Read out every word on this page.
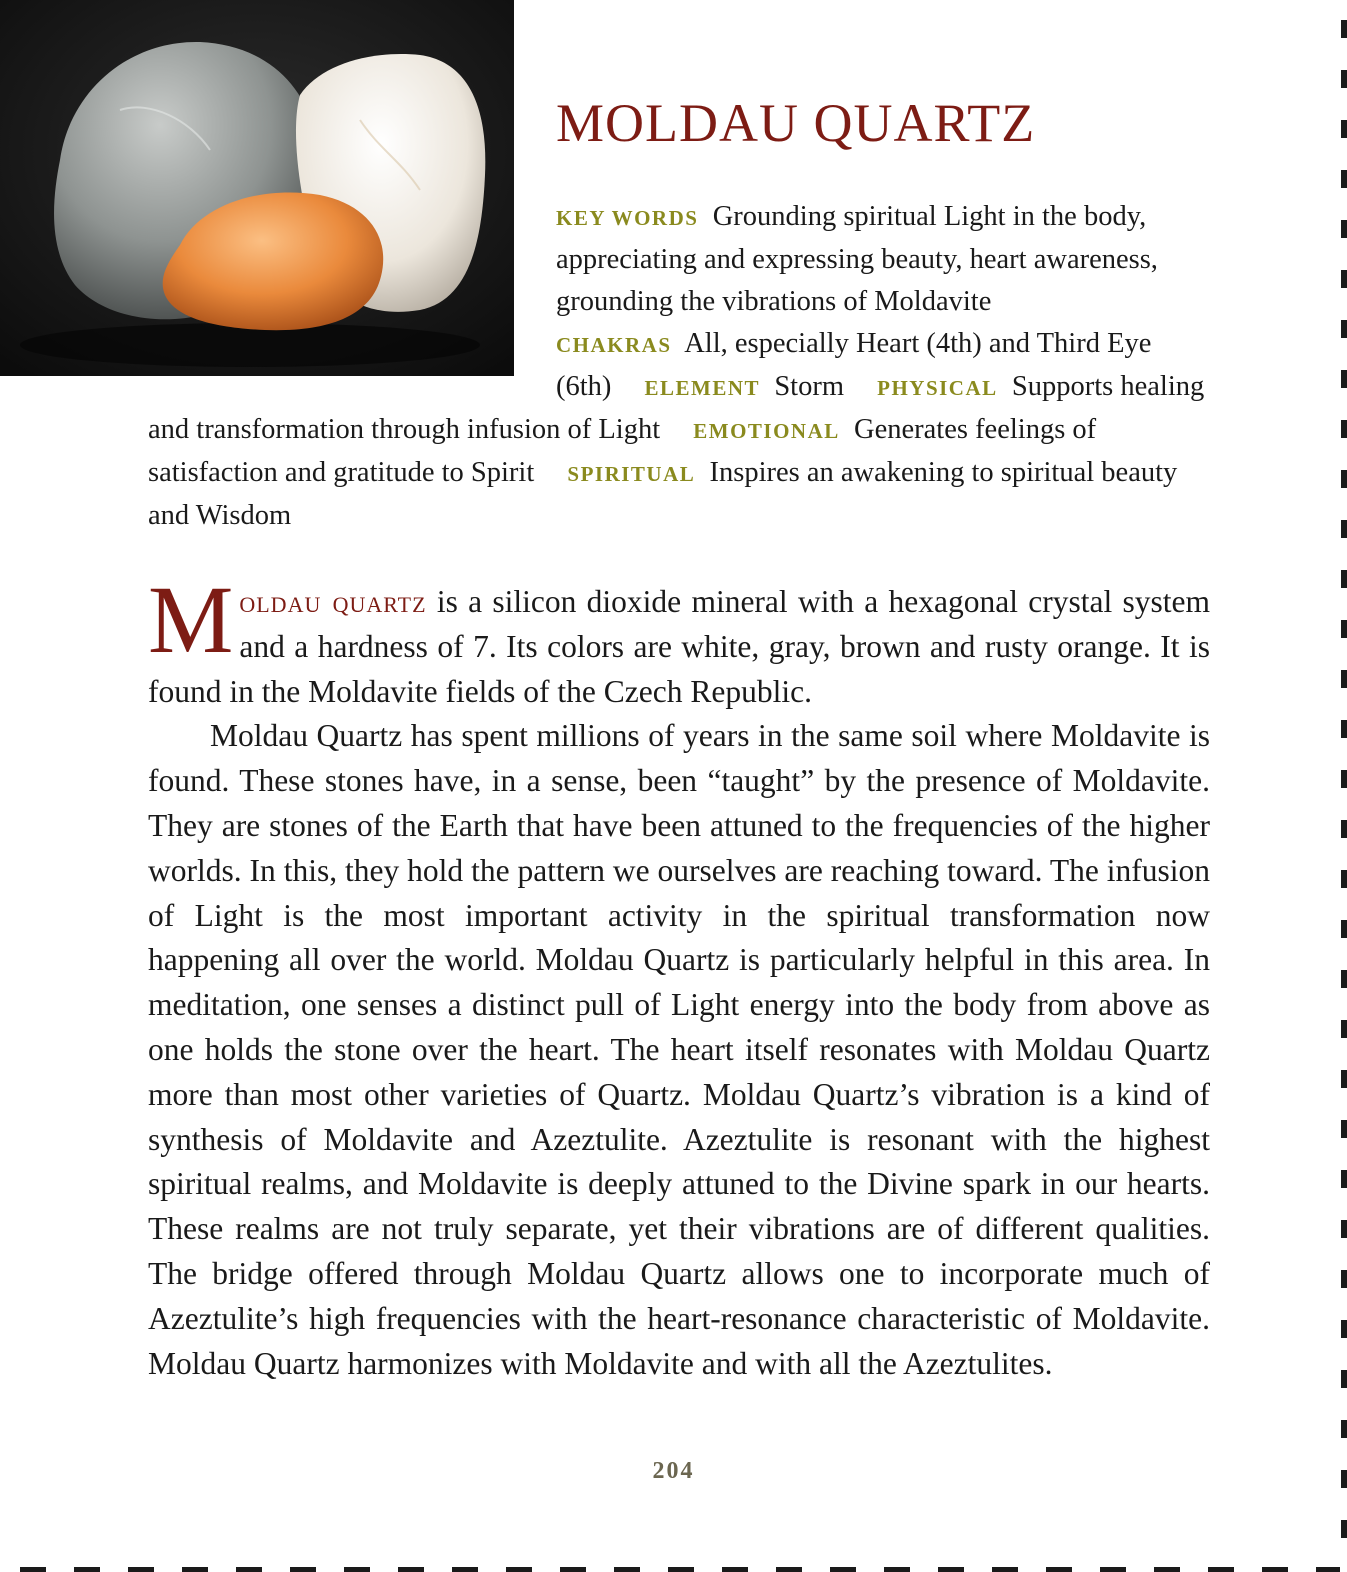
MOLDAU QUARTZ
KEY WORDS Grounding spiritual Light in the body, appreciating and expressing beauty, heart awareness, grounding the vibrations of Moldavite
CHAKRAS All, especially Heart (4th) and Third Eye (6th) ELEMENT Storm PHYSICAL Supports healing and transformation through infusion of Light EMOTIONAL Generates feelings of satisfaction and gratitude to Spirit SPIRITUAL Inspires an awakening to spiritual beauty and Wisdom

Moldau quartz is a silicon dioxide mineral with a hexagonal crystal system and a hardness of 7. Its colors are white, gray, brown and rusty orange. It is found in the Moldavite fields of the Czech Republic.

Moldau Quartz has spent millions of years in the same soil where Moldavite is found. These stones have, in a sense, been “taught” by the presence of Moldavite. They are stones of the Earth that have been attuned to the frequencies of the higher worlds. In this, they hold the pattern we ourselves are reaching toward. The infusion of Light is the most important activity in the spiritual transformation now happening all over the world. Moldau Quartz is particularly helpful in this area. In meditation, one senses a distinct pull of Light energy into the body from above as one holds the stone over the heart. The heart itself resonates with Moldau Quartz more than most other varieties of Quartz. Moldau Quartz’s vibration is a kind of synthesis of Moldavite and Azeztulite. Azeztulite is resonant with the highest spiritual realms, and Moldavite is deeply attuned to the Divine spark in our hearts. These realms are not truly separate, yet their vibrations are of different qualities. The bridge offered through Moldau Quartz allows one to incorporate much of Azeztulite’s high frequencies with the heart-resonance characteristic of Moldavite. Moldau Quartz harmonizes with Moldavite and with all the Azeztulites.

204
